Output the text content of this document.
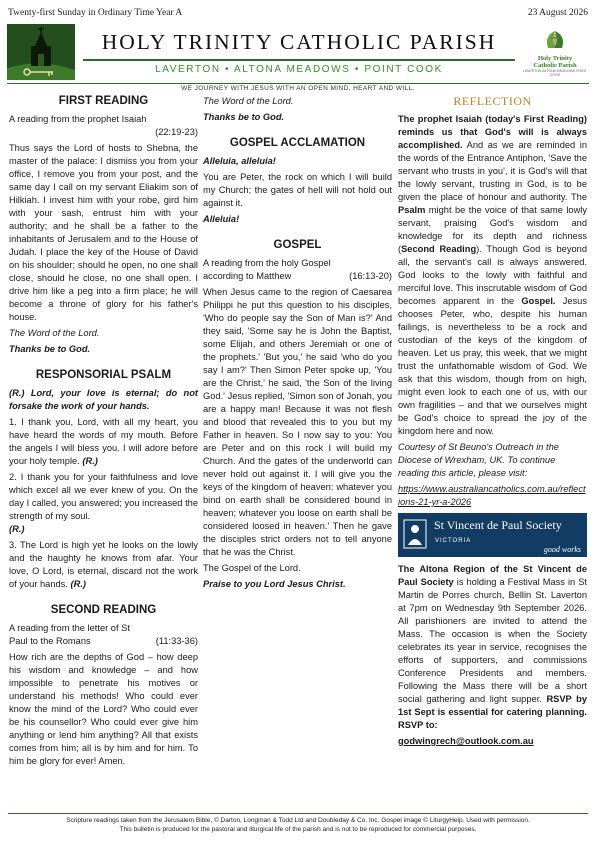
Twenty-first Sunday in Ordinary Time Year A	23 August 2026
HOLY TRINITY CATHOLIC PARISH
LAVERTON • ALTONA MEADOWS • POINT COOK
Holy Trinity
Catholic Parish
LAVERTON ALTONA MEADOWS POINT COOK
WE JOURNEY WITH JESUS WITH AN OPEN MIND, HEART AND WILL.
FIRST READING

A reading from the prophet Isaiah

(22:19-23)

Thus says the Lord of hosts to Shebna, the master of the palace: I dismiss you from your office, I remove you from your post, and the same day I call on my servant Eliakim son of Hilkiah. I invest him with your robe, gird him with your sash, entrust him with your authority; and he shall be a father to the inhabitants of Jerusalem and to the House of Judah. I place the key of the House of David on his shoulder; should he open, no one shall close, should he close, no one shall open. I drive him like a peg into a firm place; he will become a throne of glory for his father's house.

The Word of the Lord.

Thanks be to God.

RESPONSORIAL PSALM

(R.) Lord, your love is eternal; do not forsake the work of your hands.

1. I thank you, Lord, with all my heart, you have heard the words of my mouth. Before the angels I will bless you. I will adore before your holy temple. (R.)

2. I thank you for your faithfulness and love which excel all we ever knew of you. On the day I called, you answered; you increased the strength of my soul.
(R.)

3. The Lord is high yet he looks on the lowly and the haughty he knows from afar. Your love, O Lord, is eternal, discard not the work of your hands. (R.)

SECOND READING
A reading from the letter of St Paul to the Romans	(11:33-36)

How rich are the depths of God – how deep his wisdom and knowledge – and how impossible to penetrate his motives or understand his methods! Who could ever know the mind of the Lord? Who could ever be his counsellor? Who could ever give him anything or lend him anything? All that exists comes from him; all is by him and for him. To him be glory for ever! Amen.

The Word of the Lord.

Thanks be to God.

GOSPEL ACCLAMATION

Alleluia, alleluia!

You are Peter, the rock on which I will build my Church; the gates of hell will not hold out against it.

Alleluia!

GOSPEL
A reading from the holy Gospel according to Matthew	(16:13-20)

When Jesus came to the region of Caesarea Philippi he put this question to his disciples, 'Who do people say the Son of Man is?' And they said, 'Some say he is John the Baptist, some Elijah, and others Jeremiah or one of the prophets.' 'But you,' he said 'who do you say I am?' Then Simon Peter spoke up, 'You are the Christ,' he said, 'the Son of the living God.' Jesus replied, 'Simon son of Jonah, you are a happy man! Because it was not flesh and blood that revealed this to you but my Father in heaven. So I now say to you: You are Peter and on this rock I will build my Church. And the gates of the underworld can never hold out against it. I will give you the keys of the kingdom of heaven: whatever you bind on earth shall be considered bound in heaven; whatever you loose on earth shall be considered loosed in heaven.' Then he gave the disciples strict orders not to tell anyone that he was the Christ.

The Gospel of the Lord.

Praise to you Lord Jesus Christ.

REFLECTION

The prophet Isaiah (today's First Reading) reminds us that God's will is always accomplished. And as we are reminded in the words of the Entrance Antiphon, 'Save the servant who trusts in you', it is God's will that the lowly servant, trusting in God, is to be given the place of honour and authority. The Psalm might be the voice of that same lowly servant, praising God's wisdom and knowledge for its depth and richness (Second Reading). Though God is beyond all, the servant's call is always answered. God looks to the lowly with faithful and merciful love. This inscrutable wisdom of God becomes apparent in the Gospel. Jesus chooses Peter, who, despite his human failings, is nevertheless to be a rock and custodian of the keys of the kingdom of heaven. Let us pray, this week, that we might trust the unfathomable wisdom of God. We ask that this wisdom, though from on high, might even look to each one of us, with our own fragilities – and that we ourselves might be God's choice to spread the joy of the kingdom here and now.

Courtesy of St Beuno's Outreach in the Diocese of Wrexham, UK. To continue reading this article, please visit:

https://www.australiancatholics.com.au/reflections-21-yr-a-2026

St Vincent de Paul Society
VICTORIA
good works

The Altona Region of the St Vincent de Paul Society is holding a Festival Mass in St Martin de Porres church, Bellin St. Laverton at 7pm on Wednesday 9th September 2026. All parishioners are invited to attend the Mass. The occasion is when the Society celebrates its year in service, recognises the efforts of supporters, and commissions Conference Presidents and members. Following the Mass there will be a short social gathering and light supper. RSVP by 1st Sept is essential for catering planning. RSVP to:

godwingrech@outlook.com.au

Scripture readings taken from the Jerusalem Bible, © Darton, Longman & Todd Ltd and Doubleday & Co. Inc. Gospel image © LiturgyHelp. Used with permission.
This bulletin is produced for the pastoral and liturgical life of the parish and is not to be reproduced for commercial purposes.
